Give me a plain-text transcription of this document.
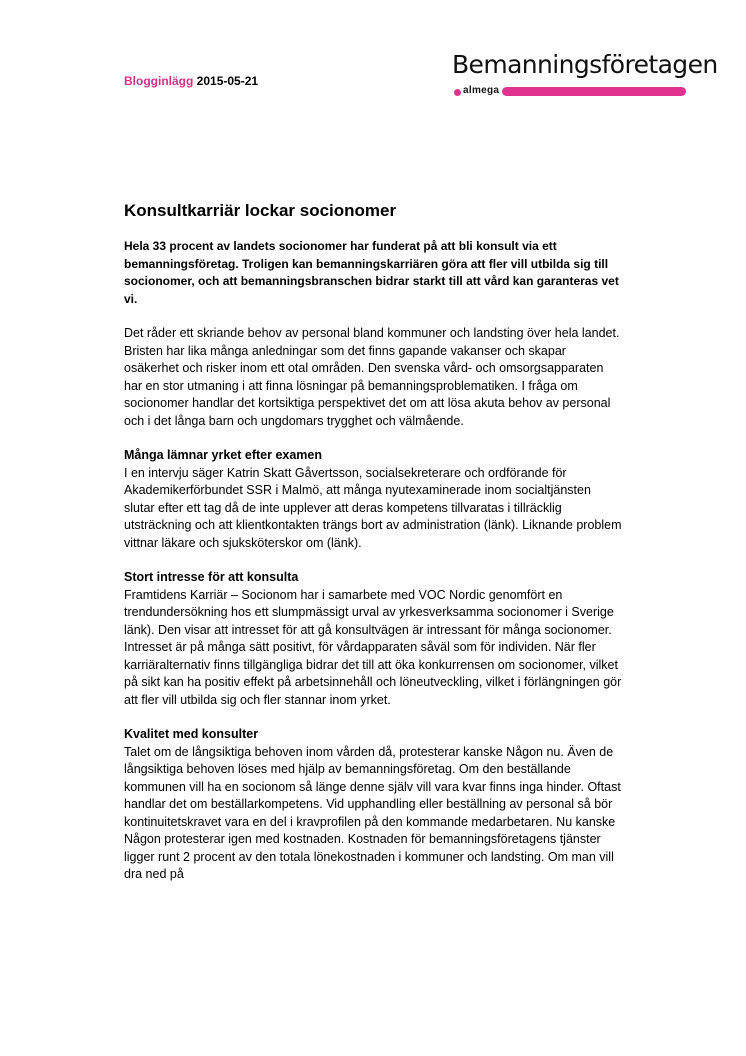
Blogginlägg 2015-05-21
Bemanningsföretagen
almega
Konsultkarriär lockar socionomer
Hela 33 procent av landets socionomer har funderat på att bli konsult via ett bemanningsföretag. Troligen kan bemanningskarriären göra att fler vill utbilda sig till socionomer, och att bemanningsbranschen bidrar starkt till att vård kan garanteras vet vi.

Det råder ett skriande behov av personal bland kommuner och landsting över hela landet. Bristen har lika många anledningar som det finns gapande vakanser och skapar osäkerhet och risker inom ett otal områden. Den svenska vård- och omsorgsapparaten har en stor utmaning i att finna lösningar på bemanningsproblematiken. I fråga om socionomer handlar det kortsiktiga perspektivet det om att lösa akuta behov av personal och i det långa barn och ungdomars trygghet och välmående.

Många lämnar yrket efter examen

I en intervju säger Katrin Skatt Gåvertsson, socialsekreterare och ordförande för Akademikerförbundet SSR i Malmö, att många nyutexaminerade inom socialtjänsten slutar efter ett tag då de inte upplever att deras kompetens tillvaratas i tillräcklig utsträckning och att klientkontakten trängs bort av administration (länk). Liknande problem vittnar läkare och sjuksköterskor om (länk).

Stort intresse för att konsulta

Framtidens Karriär – Socionom har i samarbete med VOC Nordic genomfört en trendundersökning hos ett slumpmässigt urval av yrkesverksamma socionomer i Sverige länk). Den visar att intresset för att gå konsultvägen är intressant för många socionomer. Intresset är på många sätt positivt, för vårdapparaten såväl som för individen. När fler karriäralternativ finns tillgängliga bidrar det till att öka konkurrensen om socionomer, vilket på sikt kan ha positiv effekt på arbetsinnehåll och löneutveckling, vilket i förlängningen gör att fler vill utbilda sig och fler stannar inom yrket.

Kvalitet med konsulter

Talet om de långsiktiga behoven inom vården då, protesterar kanske Någon nu. Även de långsiktiga behoven löses med hjälp av bemanningsföretag. Om den beställande kommunen vill ha en socionom så länge denne själv vill vara kvar finns inga hinder. Oftast handlar det om beställarkompetens. Vid upphandling eller beställning av personal så bör kontinuitetskravet vara en del i kravprofilen på den kommande medarbetaren. Nu kanske Någon protesterar igen med kostnaden. Kostnaden för bemanningsföretagens tjänster ligger runt 2 procent av den totala lönekostnaden i kommuner och landsting. Om man vill dra ned på
